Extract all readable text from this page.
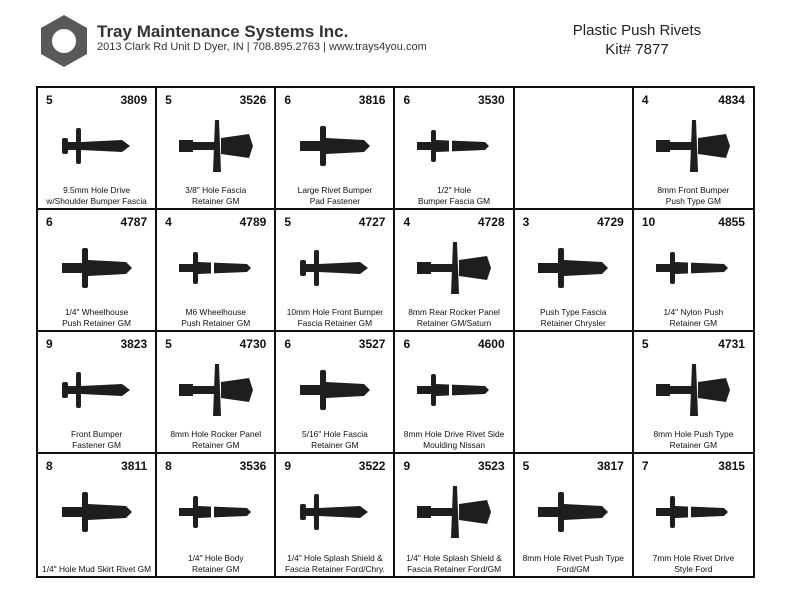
Tray Maintenance Systems Inc.
2013 Clark Rd Unit D Dyer, IN | 708.895.2763 | www.trays4you.com
Plastic Push Rivets
Kit# 7877
5	3809
9.5mm Hole Drive
w/Shoulder Bumper Fascia
5	3526
3/8" Hole Fascia
Retainer GM
6	3816
Large Rivet Bumper
Pad Fastener
6	3530
1/2" Hole
Bumper Fascia GM
4	4834
8mm Front Bumper
Push Type GM
6	4787
1/4" Wheelhouse
Push Retainer GM
4	4789
M6 Wheelhouse
Push Retainer GM
5	4727
10mm Hole Front Bumper
Fascia Retainer GM
4	4728
8mm Rear Rocker Panel
Retainer GM/Saturn
3	4729
Push Type Fascia
Retainer Chrysler
10	4855
1/4" Nylon Push
Retainer GM
9	3823
Front Bumper
Fastener GM
5	4730
8mm Hole Rocker Panel
Retainer GM
6	3527
5/16" Hole Fascia
Retainer GM
6	4600
8mm Hole Drive Rivet Side
Moulding Nissan
5	4731
8mm Hole Push Type
Retainer GM
8	3811
1/4" Hole Mud Skirt Rivet GM
8	3536
1/4" Hole Body
Retainer GM
9	3522
1/4" Hole Splash Shield &
Fascia Retainer Ford/Chry.
9	3523
1/4" Hole Splash Shield &
Fascia Retainer Ford/GM
5	3817
8mm Hole Rivet Push Type
Ford/GM
7	3815
7mm Hole Rivet Drive
Style Ford
